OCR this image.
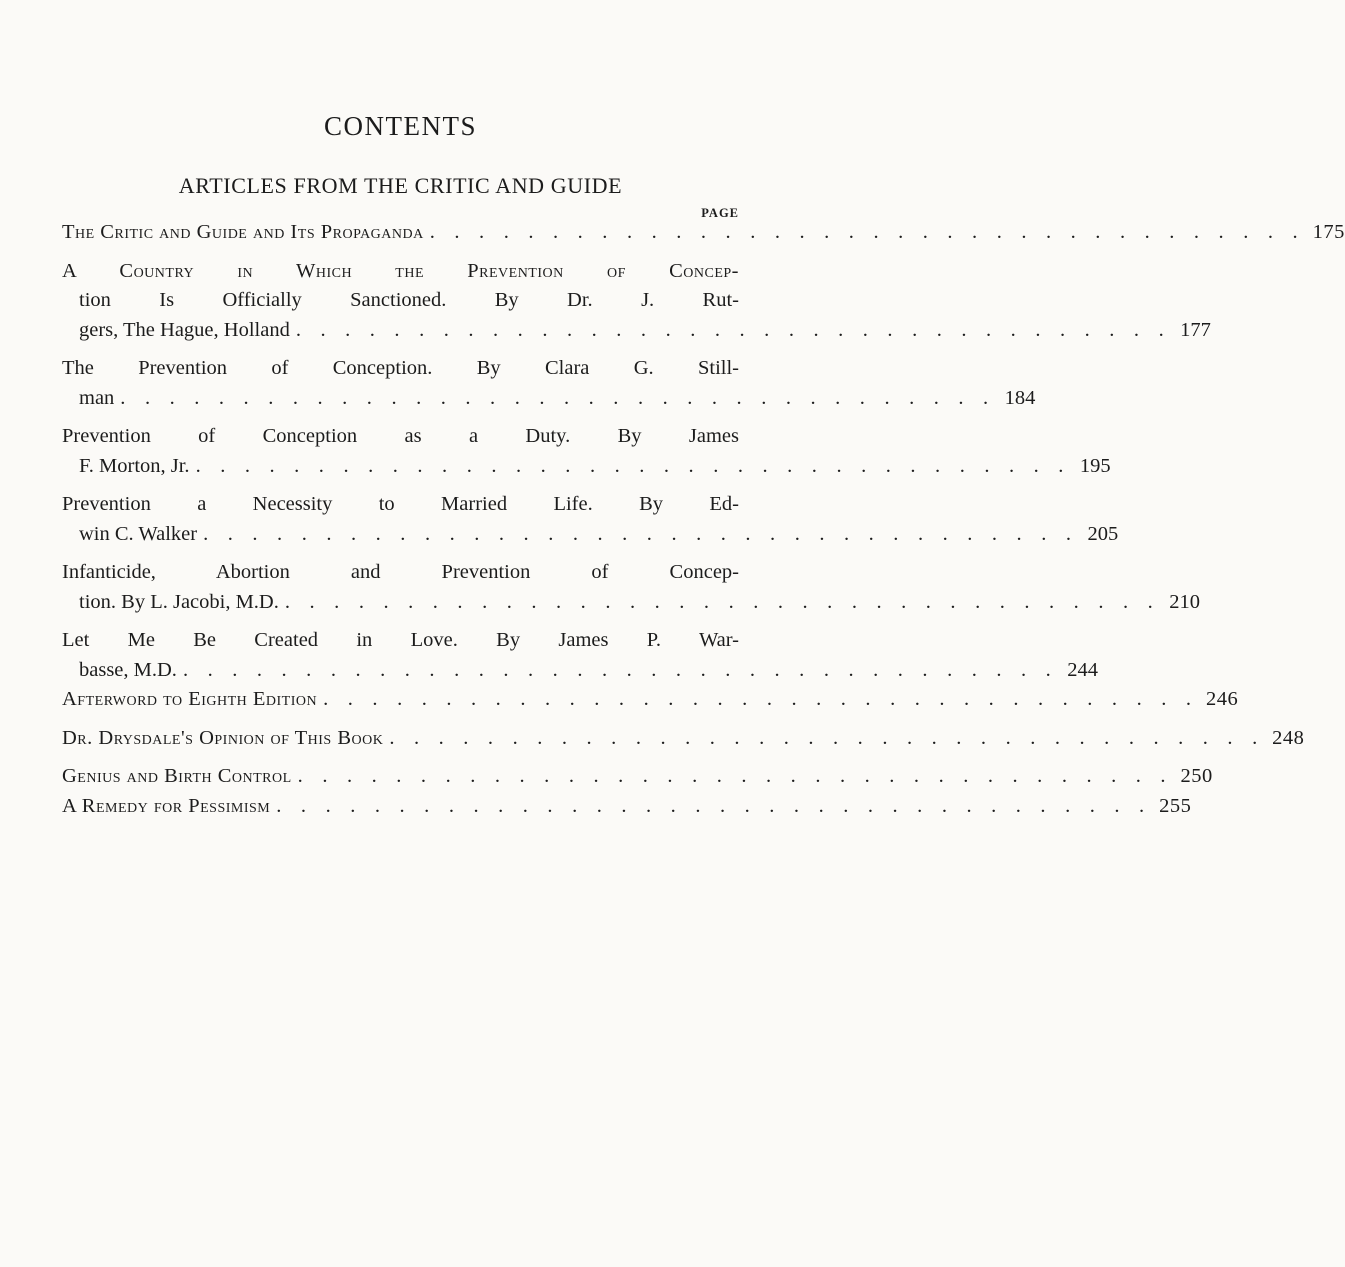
CONTENTS
ARTICLES FROM THE CRITIC AND GUIDE
PAGE
The Critic and Guide and Its Propaganda . . . . . . . . . . . . . . . . . . . . . . . . . . . . . . . . . . . . 175
A Country in Which the Prevention of Concep-
tion Is Officially Sanctioned. By Dr. J. Rut-
gers, The Hague, Holland . . . . . . . . . . . . . . . . . . . . . . . . . . . . . . . . . . . . 177
The Prevention of Conception. By Clara G. Still-
man . . . . . . . . . . . . . . . . . . . . . . . . . . . . . . . . . . . . 184
Prevention of Conception as a Duty. By James
F. Morton, Jr. . . . . . . . . . . . . . . . . . . . . . . . . . . . . . . . . . . . . 195
Prevention a Necessity to Married Life. By Ed-
win C. Walker . . . . . . . . . . . . . . . . . . . . . . . . . . . . . . . . . . . . 205
Infanticide, Abortion and Prevention of Concep-
tion. By L. Jacobi, M.D. . . . . . . . . . . . . . . . . . . . . . . . . . . . . . . . . . . . . 210
Let Me Be Created in Love. By James P. War-
basse, M.D. . . . . . . . . . . . . . . . . . . . . . . . . . . . . . . . . . . . . 244
Afterword to Eighth Edition . . . . . . . . . . . . . . . . . . . . . . . . . . . . . . . . . . . . 246
Dr. Drysdale's Opinion of This Book . . . . . . . . . . . . . . . . . . . . . . . . . . . . . . . . . . . . 248
Genius and Birth Control . . . . . . . . . . . . . . . . . . . . . . . . . . . . . . . . . . . . 250
A Remedy for Pessimism . . . . . . . . . . . . . . . . . . . . . . . . . . . . . . . . . . . . 255
